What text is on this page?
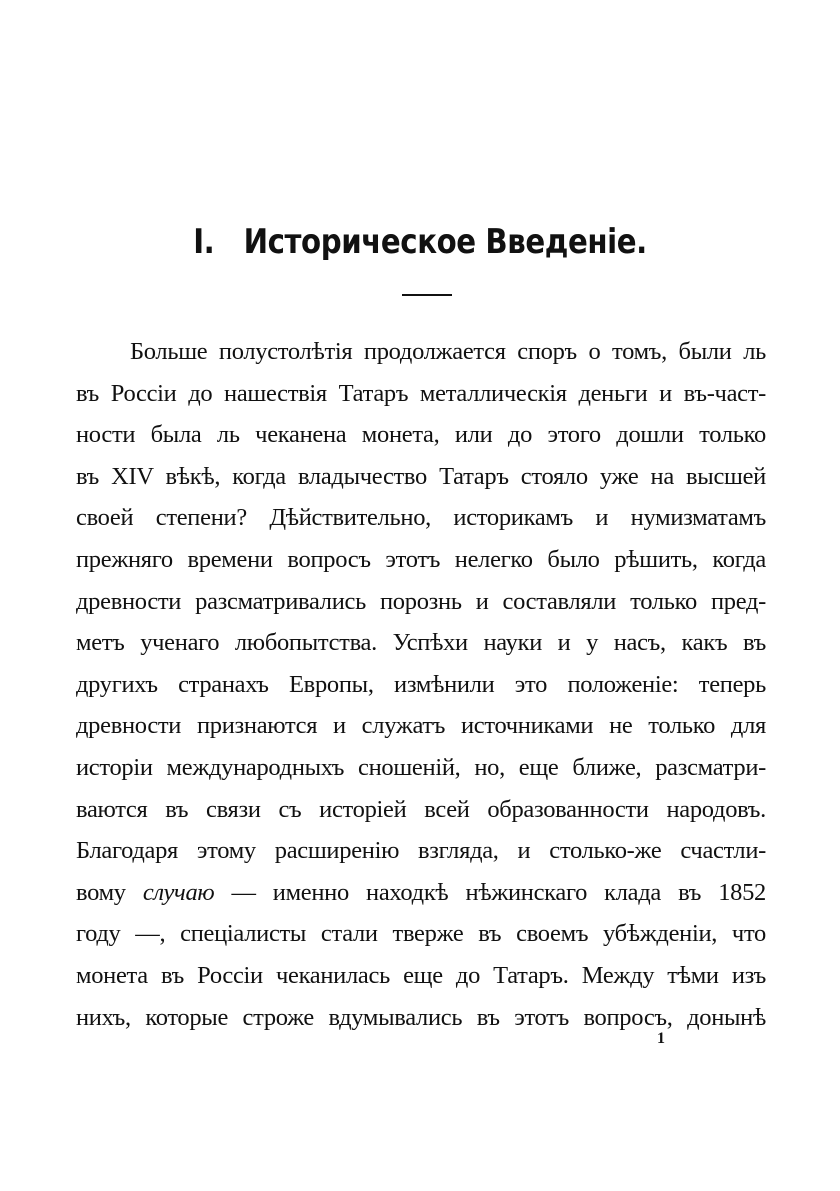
I. Историческое Введеніе.
Больше полустолѣтія продолжается споръ о томъ, были ль
въ Россіи до нашествія Татаръ металлическія деньги и въ-част-
ности была ль чеканена монета, или до этого дошли только
въ XIV вѣкѣ, когда владычество Татаръ стояло уже на высшей
своей степени? Дѣйствительно, историкамъ и нумизматамъ
прежняго времени вопросъ этотъ нелегко было рѣшить, когда
древности разсматривались порознь и составляли только пред-
метъ ученаго любопытства. Успѣхи науки и у насъ, какъ въ
другихъ странахъ Европы, измѣнили это положеніе: теперь
древности признаются и служатъ источниками не только для
исторіи международныхъ сношеній, но, еще ближе, разсматри-
ваются въ связи съ исторіей всей образованности народовъ.
Благодаря этому расширенію взгляда, и столько-же счастли-
вому случаю — именно находкѣ нѣжинскаго клада въ 1852
году —, спеціалисты стали тверже въ своемъ убѣжденіи, что
монета въ Россіи чеканилась еще до Татаръ. Между тѣми изъ
нихъ, которые строже вдумывались въ этотъ вопросъ, донынѣ
1
